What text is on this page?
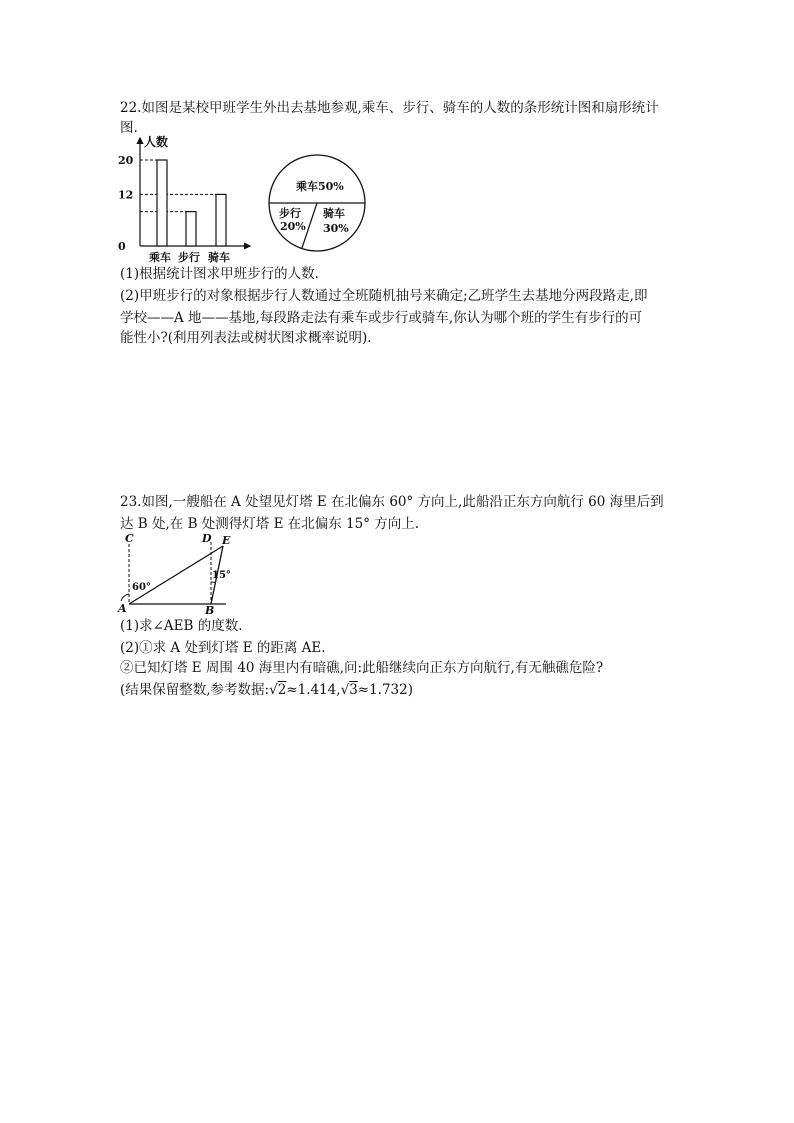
22.如图是某校甲班学生外出去基地参观,乘车、步行、骑车的人数的条形统计图和扇形统计
图.
人数
20
12
0
乘车 步行 骑车
乘车50%
步行
20%
骑车
30%
(1)根据统计图求甲班步行的人数.
(2)甲班步行的对象根据步行人数通过全班随机抽号来确定;乙班学生去基地分两段路走,即
学校——A 地——基地,每段路走法有乘车或步行或骑车,你认为哪个班的学生有步行的可
能性小?(利用列表法或树状图求概率说明).
23.如图,一艘船在 A 处望见灯塔 E 在北偏东 60° 方向上,此船沿正东方向航行 60 海里后到
达 B 处,在 B 处测得灯塔 E 在北偏东 15° 方向上.
C	D E
A	B
60°
15°
(1)求∠AEB 的度数.
(2)①求 A 处到灯塔 E 的距离 AE.
②已知灯塔 E 周围 40 海里内有暗礁,问:此船继续向正东方向航行,有无触礁危险?
(结果保留整数,参考数据:√2≈1.414,√3≈1.732)
